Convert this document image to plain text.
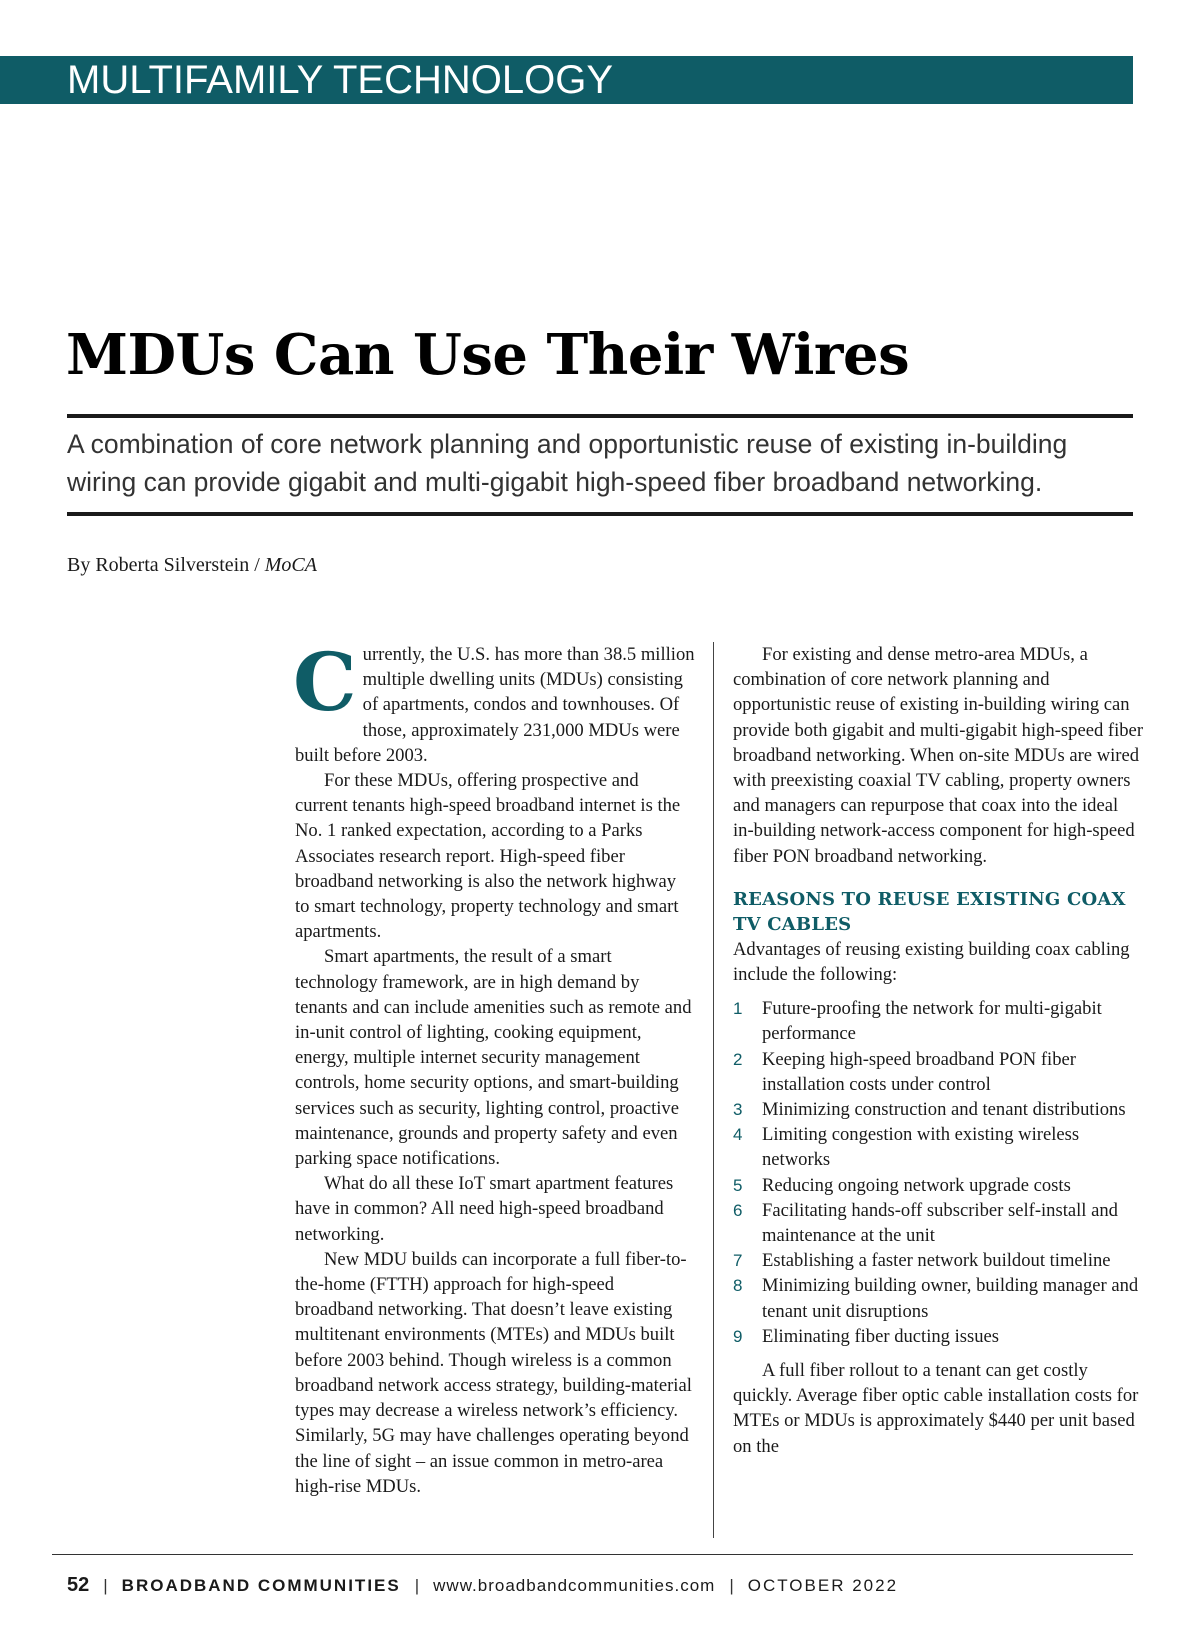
MULTIFAMILY TECHNOLOGY
MDUs Can Use Their Wires

A combination of core network planning and opportunistic reuse of existing in-building wiring can provide gigabit and multi-gigabit high-speed fiber broadband networking.

By Roberta Silverstein / MoCA

Currently, the U.S. has more than 38.5 million multiple dwelling units (MDUs) consisting of apartments, condos and townhouses. Of those, approximately 231,000 MDUs were built before 2003.

For these MDUs, offering prospective and current tenants high-speed broadband internet is the No. 1 ranked expectation, according to a Parks Associates research report. High-speed fiber broadband networking is also the network highway to smart technology, property technology and smart apartments.

Smart apartments, the result of a smart technology framework, are in high demand by tenants and can include amenities such as remote and in-unit control of lighting, cooking equipment, energy, multiple internet security management controls, home security options, and smart-building services such as security, lighting control, proactive maintenance, grounds and property safety and even parking space notifications.

What do all these IoT smart apartment features have in common? All need high-speed broadband networking.

New MDU builds can incorporate a full fiber-to-the-home (FTTH) approach for high-speed broadband networking. That doesn’t leave existing multitenant environments (MTEs) and MDUs built before 2003 behind. Though wireless is a common broadband network access strategy, building-material types may decrease a wireless network’s efficiency. Similarly, 5G may have challenges operating beyond the line of sight – an issue common in metro-area high-rise MDUs.

For existing and dense metro-area MDUs, a combination of core network planning and opportunistic reuse of existing in-building wiring can provide both gigabit and multi-gigabit high-speed fiber broadband networking. When on-site MDUs are wired with preexisting coaxial TV cabling, property owners and managers can repurpose that coax into the ideal in-building network-access component for high-speed fiber PON broadband networking.

REASONS TO REUSE EXISTING COAX TV CABLES

Advantages of reusing existing building coax cabling include the following:

1 Future-proofing the network for multi-gigabit performance
2 Keeping high-speed broadband PON fiber installation costs under control
3 Minimizing construction and tenant distributions
4 Limiting congestion with existing wireless networks
5 Reducing ongoing network upgrade costs
6 Facilitating hands-off subscriber self-install and maintenance at the unit
7 Establishing a faster network buildout timeline
8 Minimizing building owner, building manager and tenant unit disruptions
9 Eliminating fiber ducting issues

A full fiber rollout to a tenant can get costly quickly. Average fiber optic cable installation costs for MTEs or MDUs is approximately $440 per unit based on the

52 | BROADBAND COMMUNITIES | www.broadbandcommunities.com | OCTOBER 2022
